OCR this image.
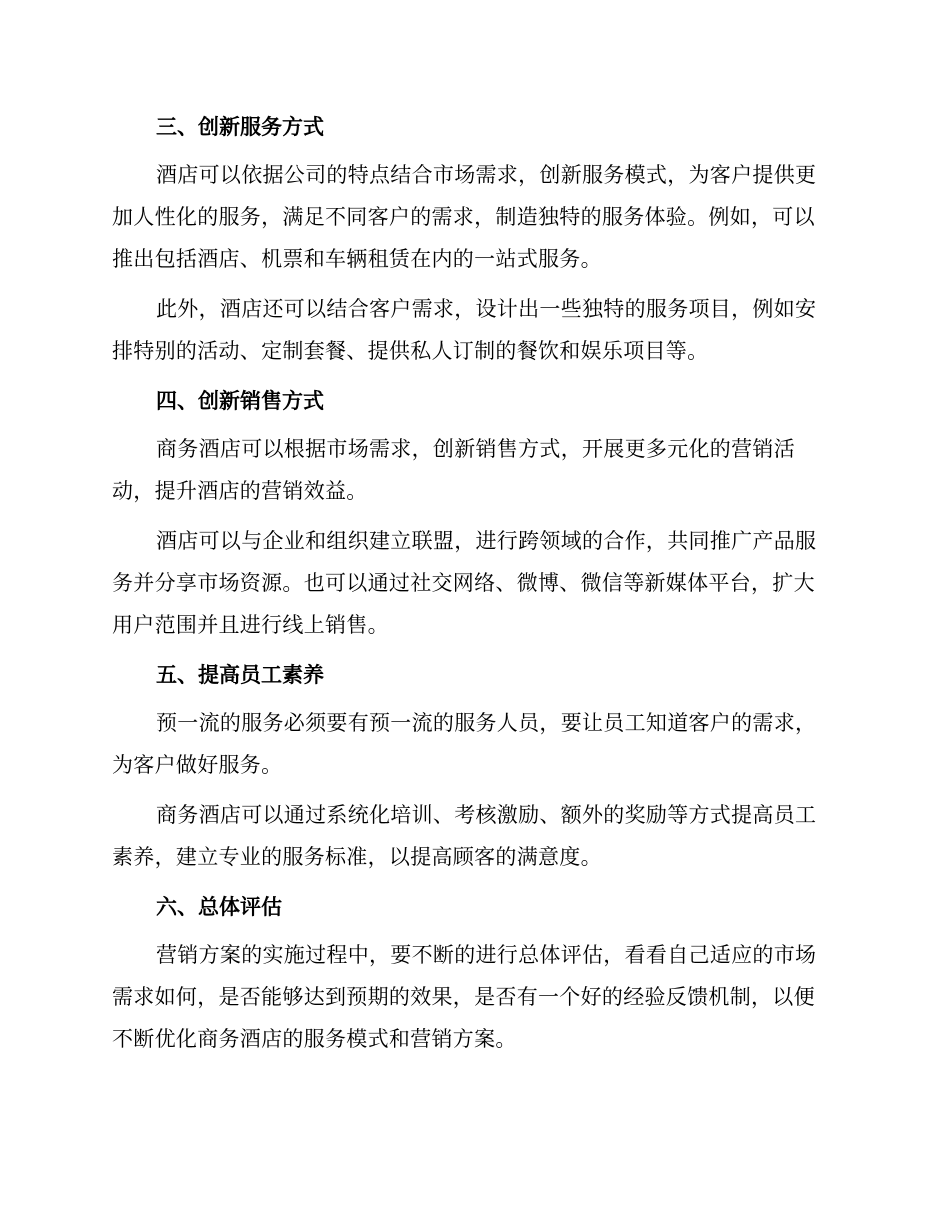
三、创新服务方式

酒店可以依据公司的特点结合市场需求，创新服务模式，为客户提供更加人性化的服务，满足不同客户的需求，制造独特的服务体验。例如，可以推出包括酒店、机票和车辆租赁在内的一站式服务。

此外，酒店还可以结合客户需求，设计出一些独特的服务项目，例如安排特别的活动、定制套餐、提供私人订制的餐饮和娱乐项目等。

四、创新销售方式

商务酒店可以根据市场需求，创新销售方式，开展更多元化的营销活动，提升酒店的营销效益。

酒店可以与企业和组织建立联盟，进行跨领域的合作，共同推广产品服务并分享市场资源。也可以通过社交网络、微博、微信等新媒体平台，扩大用户范围并且进行线上销售。

五、提高员工素养

预一流的服务必须要有预一流的服务人员，要让员工知道客户的需求，为客户做好服务。

商务酒店可以通过系统化培训、考核激励、额外的奖励等方式提高员工素养，建立专业的服务标准，以提高顾客的满意度。

六、总体评估

营销方案的实施过程中，要不断的进行总体评估，看看自己适应的市场需求如何，是否能够达到预期的效果，是否有一个好的经验反馈机制，以便不断优化商务酒店的服务模式和营销方案。
